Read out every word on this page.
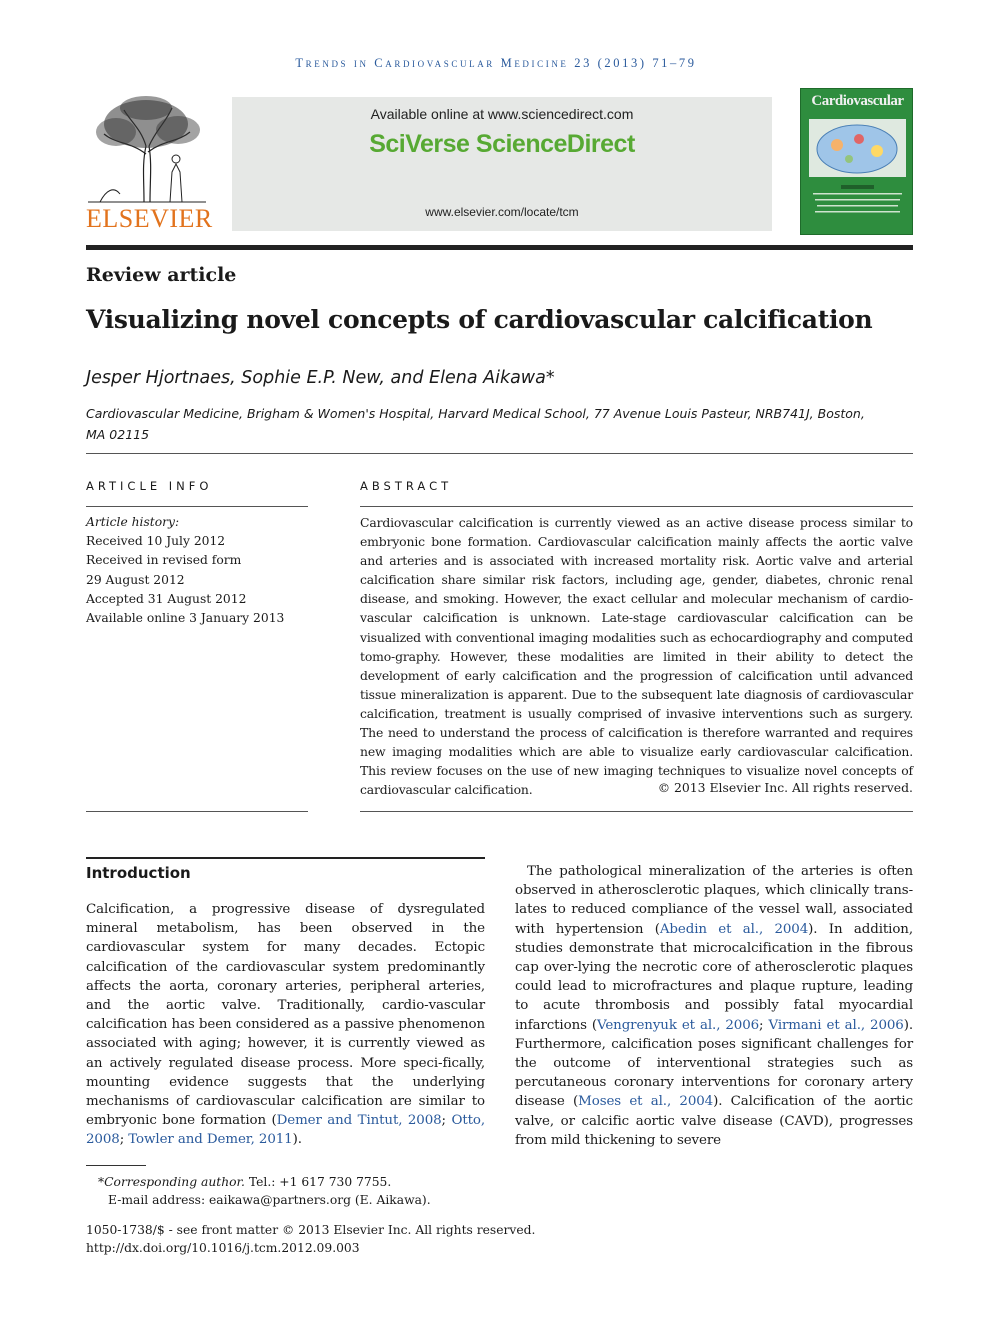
Trends in Cardiovascular Medicine 23 (2013) 71–79
ELSEVIER
Available online at www.sciencedirect.com
SciVerse ScienceDirect
www.elsevier.com/locate/tcm
Cardiovascular
Review article
Visualizing novel concepts of cardiovascular calcification
Jesper Hjortnaes, Sophie E.P. New, and Elena Aikawa*
Cardiovascular Medicine, Brigham & Women's Hospital, Harvard Medical School, 77 Avenue Louis Pasteur, NRB741J, Boston,
MA 02115
ARTICLE INFO
Article history:
Received 10 July 2012
Received in revised form
29 August 2012
Accepted 31 August 2012
Available online 3 January 2013
ABSTRACT
Cardiovascular calcification is currently viewed as an active disease process similar to embryonic bone formation. Cardiovascular calcification mainly affects the aortic valve and arteries and is associated with increased mortality risk. Aortic valve and arterial calcification share similar risk factors, including age, gender, diabetes, chronic renal disease, and smoking. However, the exact cellular and molecular mechanism of cardio-vascular calcification is unknown. Late-stage cardiovascular calcification can be visualized with conventional imaging modalities such as echocardiography and computed tomo-graphy. However, these modalities are limited in their ability to detect the development of early calcification and the progression of calcification until advanced tissue mineralization is apparent. Due to the subsequent late diagnosis of cardiovascular calcification, treatment is usually comprised of invasive interventions such as surgery. The need to understand the process of calcification is therefore warranted and requires new imaging modalities which are able to visualize early cardiovascular calcification. This review focuses on the use of new imaging techniques to visualize novel concepts of cardiovascular calcification.	© 2013 Elsevier Inc. All rights reserved.
Introduction
Calcification, a progressive disease of dysregulated mineral metabolism, has been observed in the cardiovascular system for many decades. Ectopic calcification of the cardiovascular system predominantly affects the aorta, coronary arteries, peripheral arteries, and the aortic valve. Traditionally, cardio-vascular calcification has been considered as a passive phenomenon associated with aging; however, it is currently viewed as an actively regulated disease process. More speci-fically, mounting evidence suggests that the underlying mechanisms of cardiovascular calcification are similar to embryonic bone formation (Demer and Tintut, 2008; Otto, 2008; Towler and Demer, 2011).
The pathological mineralization of the arteries is often observed in atherosclerotic plaques, which clinically trans-lates to reduced compliance of the vessel wall, associated with hypertension (Abedin et al., 2004). In addition, studies demonstrate that microcalcification in the fibrous cap over-lying the necrotic core of atherosclerotic plaques could lead to microfractures and plaque rupture, leading to acute thrombosis and possibly fatal myocardial infarctions (Vengrenyuk et al., 2006; Virmani et al., 2006). Furthermore, calcification poses significant challenges for the outcome of interventional strategies such as percutaneous coronary interventions for coronary artery disease (Moses et al., 2004). Calcification of the aortic valve, or calcific aortic valve disease (CAVD), progresses from mild thickening to severe
*Corresponding author. Tel.: +1 617 730 7755.
E-mail address: eaikawa@partners.org (E. Aikawa).
1050-1738/$ - see front matter © 2013 Elsevier Inc. All rights reserved.
http://dx.doi.org/10.1016/j.tcm.2012.09.003
